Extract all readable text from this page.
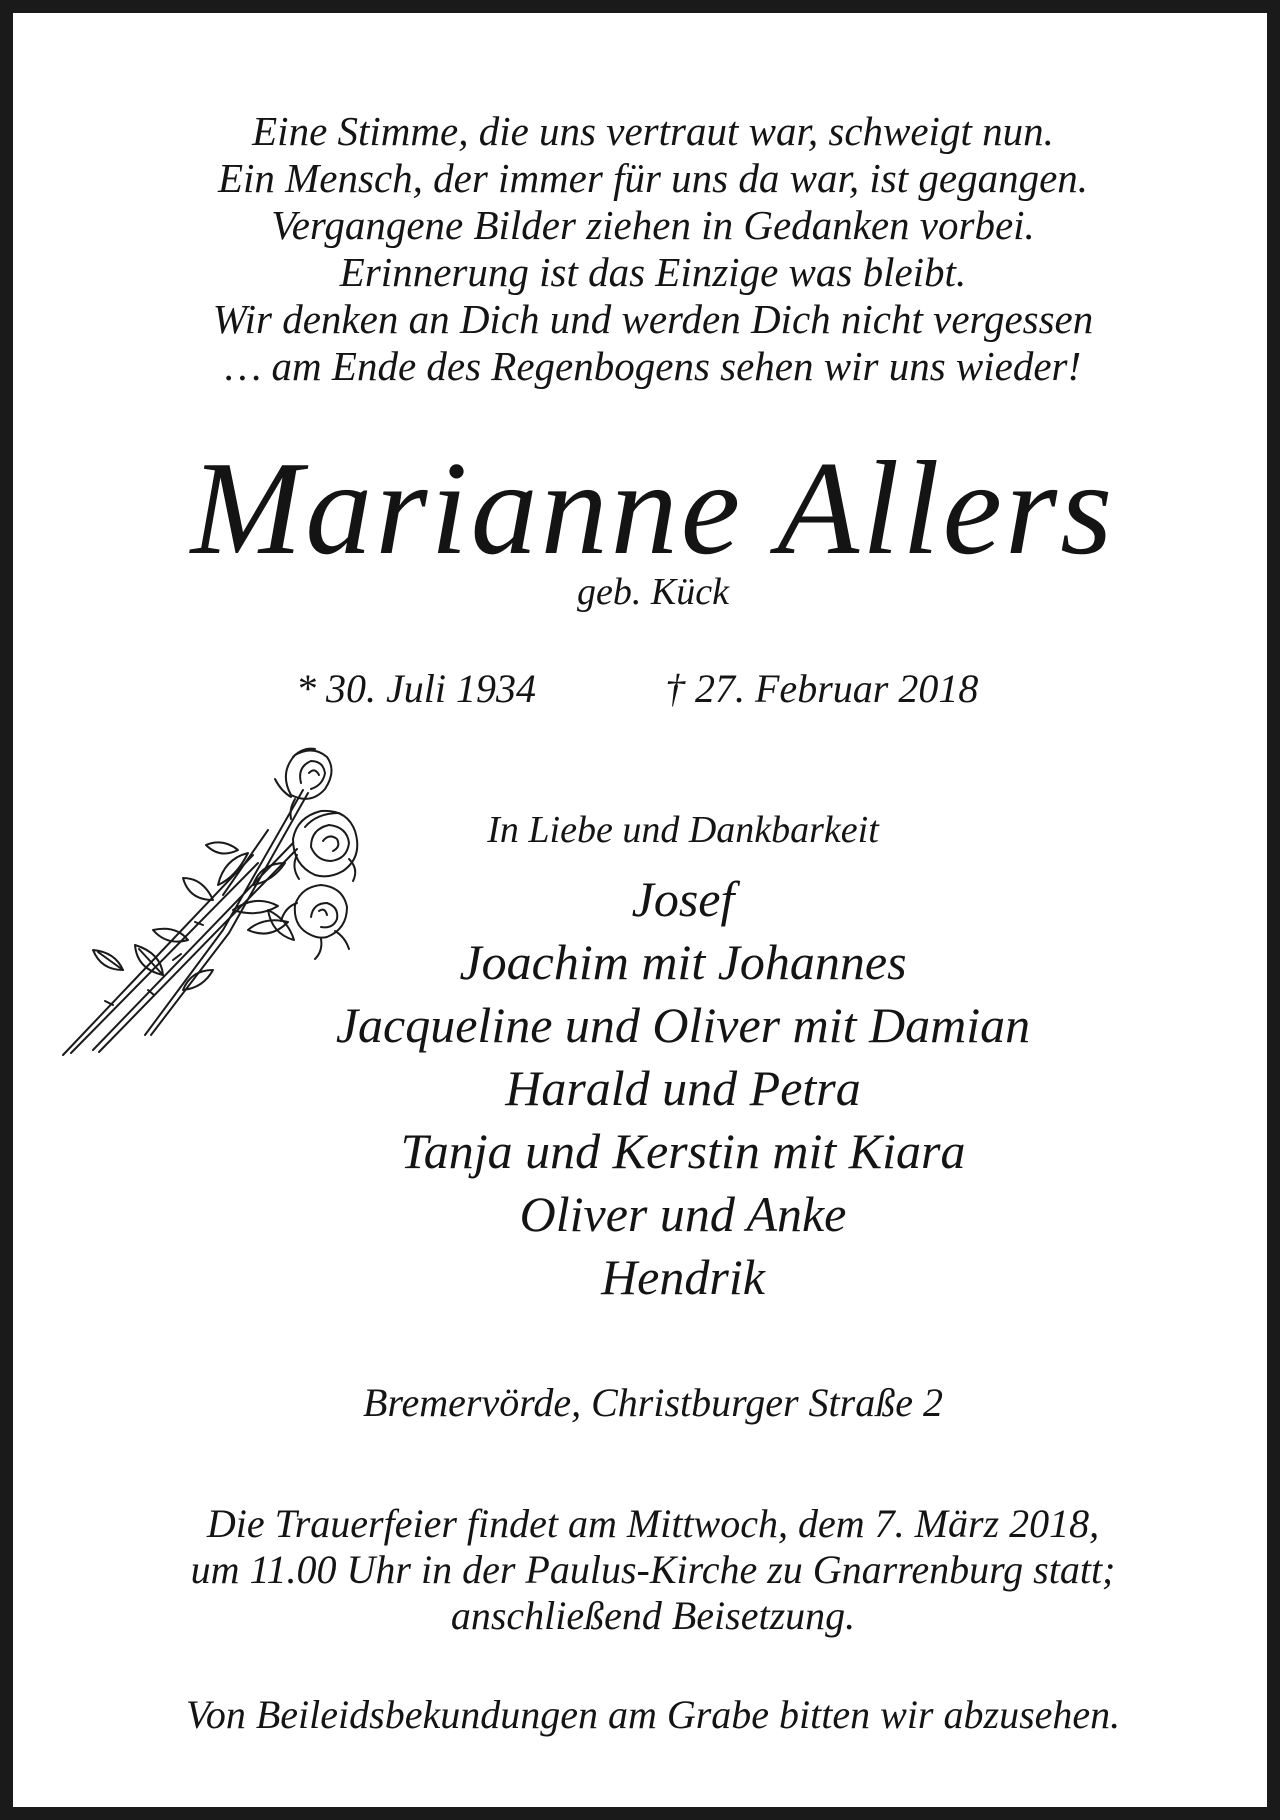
Eine Stimme, die uns vertraut war, schweigt nun.
Ein Mensch, der immer für uns da war, ist gegangen.
Vergangene Bilder ziehen in Gedanken vorbei.
Erinnerung ist das Einzige was bleibt.
Wir denken an Dich und werden Dich nicht vergessen
… am Ende des Regenbogens sehen wir uns wieder!
Marianne Allers
geb. Kück
* 30. Juli 1934	† 27. Februar 2018
In Liebe und Dankbarkeit
Josef
Joachim mit Johannes
Jacqueline und Oliver mit Damian
Harald und Petra
Tanja und Kerstin mit Kiara
Oliver und Anke
Hendrik
Bremervörde, Christburger Straße 2
Die Trauerfeier findet am Mittwoch, dem 7. März 2018,
um 11.00 Uhr in der Paulus-Kirche zu Gnarrenburg statt;
anschließend Beisetzung.
Von Beileidsbekundungen am Grabe bitten wir abzusehen.
